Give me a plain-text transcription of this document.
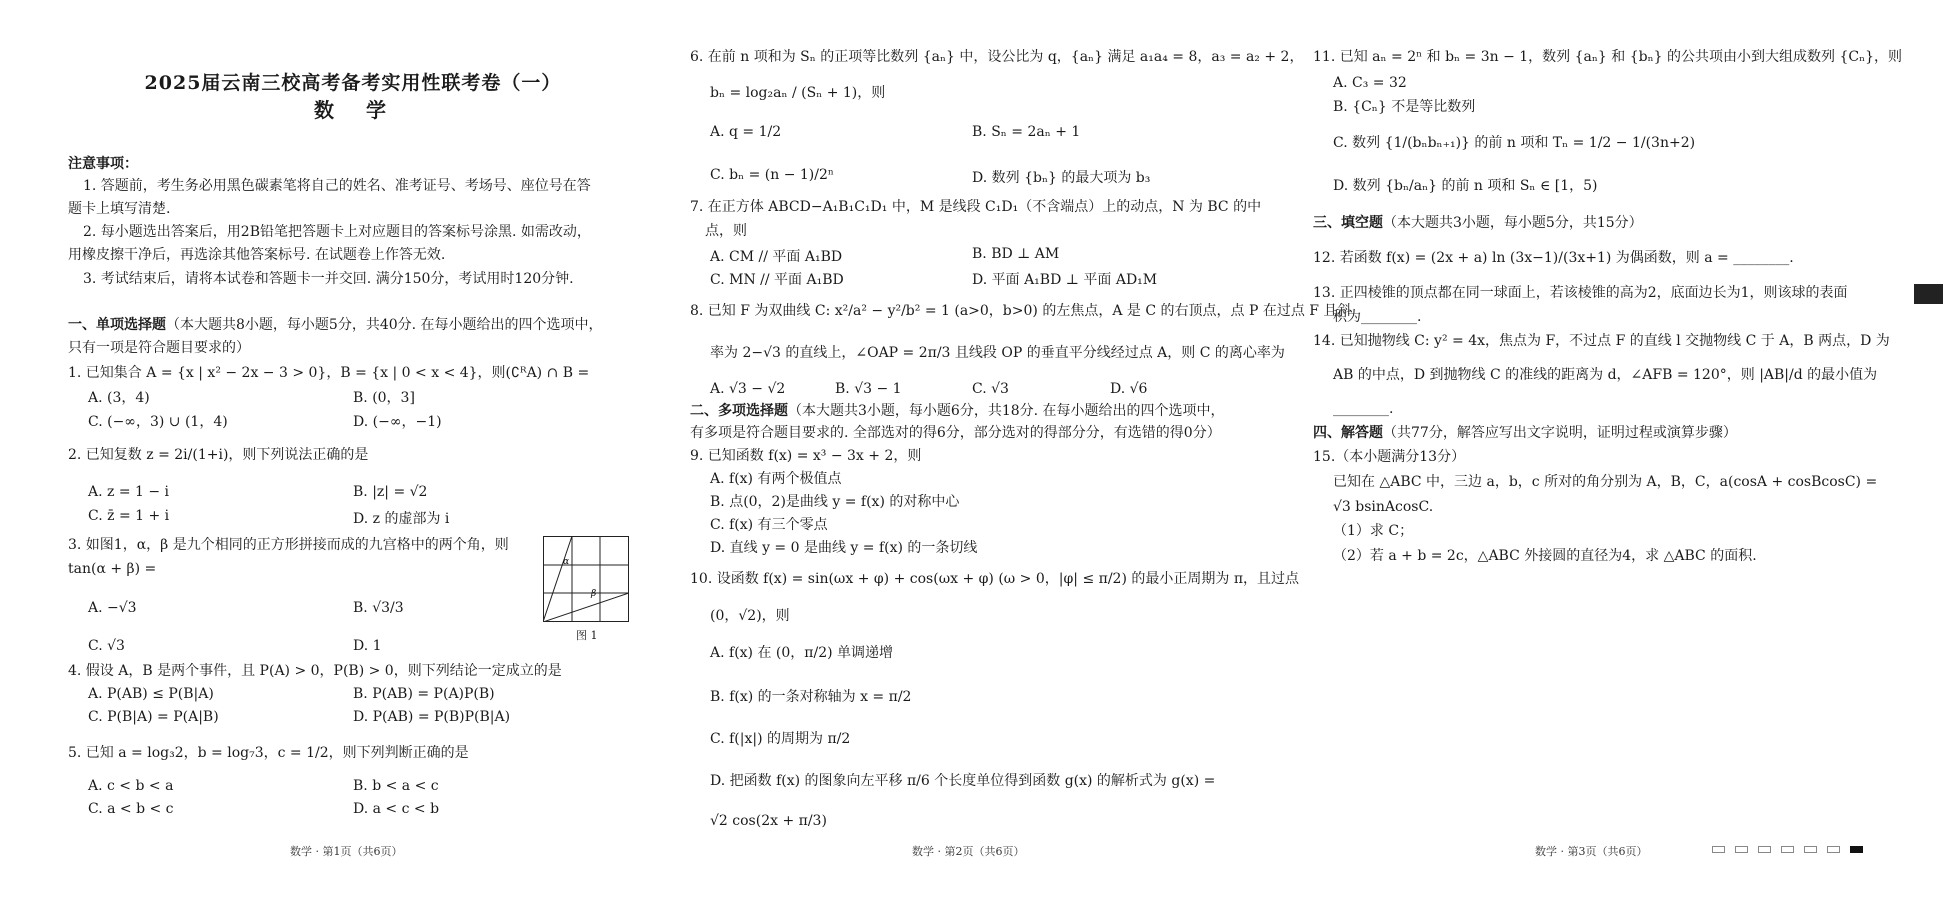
2025届云南三校高考备考实用性联考卷（一）
数　学
注意事项：
1. 答题前，考生务必用黑色碳素笔将自己的姓名、准考证号、考场号、座位号在答
题卡上填写清楚.
2. 每小题选出答案后，用2B铅笔把答题卡上对应题目的答案标号涂黑. 如需改动，
用橡皮擦干净后，再选涂其他答案标号. 在试题卷上作答无效.
3. 考试结束后，请将本试卷和答题卡一并交回. 满分150分，考试用时120分钟.
一、单项选择题（本大题共8小题，每小题5分，共40分. 在每小题给出的四个选项中，
只有一项是符合题目要求的）
1. 已知集合 A = {x | x² − 2x − 3 > 0}，B = {x | 0 < x < 4}，则(∁ᴿA) ∩ B =
A. (3，4)	B. (0，3]
C. (−∞，3) ∪ (1，4)	D. (−∞，−1)
2. 已知复数 z = 2i/(1+i)，则下列说法正确的是
A. z = 1 − i	B. |z| = √2
C. z̄ = 1 + i	D. z 的虚部为 i
3. 如图1，α，β 是九个相同的正方形拼接而成的九宫格中的两个角，则
tan(α + β) =
A. −√3	B. √3/3
C. √3	D. 1
α
β
图 1
4. 假设 A，B 是两个事件，且 P(A) > 0，P(B) > 0，则下列结论一定成立的是
A. P(AB) ≤ P(B|A)	B. P(AB) = P(A)P(B)
C. P(B|A) = P(A|B)	D. P(AB) = P(B)P(B|A)
5. 已知 a = log₃2，b = log₇3，c = 1/2，则下列判断正确的是
A. c < b < a	B. b < a < c
C. a < b < c	D. a < c < b
数学 · 第1页（共6页）
6. 在前 n 项和为 Sₙ 的正项等比数列 {aₙ} 中，设公比为 q，{aₙ} 满足 a₁a₄ = 8，a₃ = a₂ + 2，
bₙ = log₂aₙ / (Sₙ + 1)，则
A. q = 1/2	B. Sₙ = 2aₙ + 1
C. bₙ = (n − 1)/2ⁿ	D. 数列 {bₙ} 的最大项为 b₃
7. 在正方体 ABCD−A₁B₁C₁D₁ 中，M 是线段 C₁D₁（不含端点）上的动点，N 为 BC 的中
点，则
A. CM // 平面 A₁BD	B. BD ⊥ AM
C. MN // 平面 A₁BD	D. 平面 A₁BD ⊥ 平面 AD₁M
8. 已知 F 为双曲线 C: x²/a² − y²/b² = 1 (a>0，b>0) 的左焦点，A 是 C 的右顶点，点 P 在过点 F 且斜
率为 2−√3 的直线上，∠OAP = 2π/3 且线段 OP 的垂直平分线经过点 A，则 C 的离心率为
A. √3 − √2	B. √3 − 1	C. √3	D. √6
二、多项选择题（本大题共3小题，每小题6分，共18分. 在每小题给出的四个选项中，
有多项是符合题目要求的. 全部选对的得6分，部分选对的得部分分，有选错的得0分）
9. 已知函数 f(x) = x³ − 3x + 2，则
A. f(x) 有两个极值点
B. 点(0，2)是曲线 y = f(x) 的对称中心
C. f(x) 有三个零点
D. 直线 y = 0 是曲线 y = f(x) 的一条切线
10. 设函数 f(x) = sin(ωx + φ) + cos(ωx + φ) (ω > 0，|φ| ≤ π/2) 的最小正周期为 π，且过点
(0，√2)，则
A. f(x) 在 (0，π/2) 单调递增
B. f(x) 的一条对称轴为 x = π/2
C. f(|x|) 的周期为 π/2
D. 把函数 f(x) 的图象向左平移 π/6 个长度单位得到函数 g(x) 的解析式为 g(x) =
√2 cos(2x + π/3)
数学 · 第2页（共6页）
11. 已知 aₙ = 2ⁿ 和 bₙ = 3n − 1，数列 {aₙ} 和 {bₙ} 的公共项由小到大组成数列 {Cₙ}，则
A. C₃ = 32
B. {Cₙ} 不是等比数列
C. 数列 {1/(bₙbₙ₊₁)} 的前 n 项和 Tₙ = 1/2 − 1/(3n+2)
D. 数列 {bₙ/aₙ} 的前 n 项和 Sₙ ∈ [1，5)
三、填空题（本大题共3小题，每小题5分，共15分）
12. 若函数 f(x) = (2x + a) ln (3x−1)/(3x+1) 为偶函数，则 a = ________.
13. 正四棱锥的顶点都在同一球面上，若该棱锥的高为2，底面边长为1，则该球的表面
积为________.
14. 已知抛物线 C: y² = 4x，焦点为 F，不过点 F 的直线 l 交抛物线 C 于 A，B 两点，D 为
AB 的中点，D 到抛物线 C 的准线的距离为 d，∠AFB = 120°，则 |AB|/d 的最小值为
________.
四、解答题（共77分，解答应写出文字说明，证明过程或演算步骤）
15.（本小题满分13分）
已知在 △ABC 中，三边 a，b，c 所对的角分别为 A，B，C，a(cosA + cosBcosC) =
√3 bsinAcosC.
（1）求 C；
（2）若 a + b = 2c，△ABC 外接圆的直径为4，求 △ABC 的面积.
数学 · 第3页（共6页）
